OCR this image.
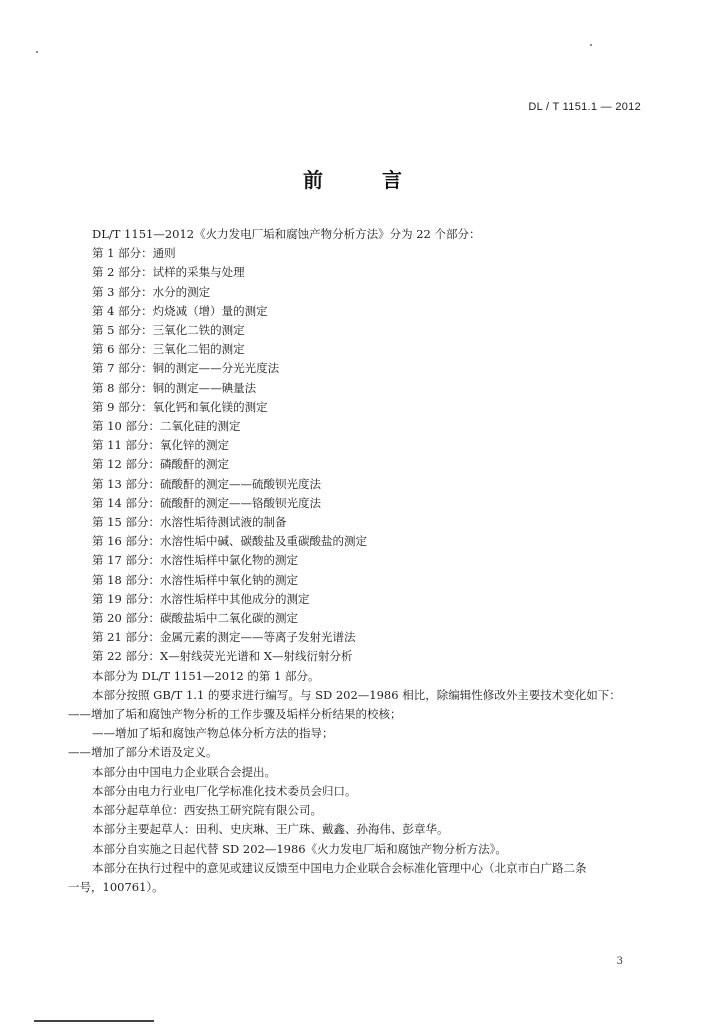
DL / T 1151.1 — 2012
前 言
DL/T 1151—2012《火力发电厂垢和腐蚀产物分析方法》分为 22 个部分：
第 1 部分：通则
第 2 部分：试样的采集与处理
第 3 部分：水分的测定
第 4 部分：灼烧减（增）量的测定
第 5 部分：三氧化二铁的测定
第 6 部分：三氧化二铝的测定
第 7 部分：铜的测定——分光光度法
第 8 部分：铜的测定——碘量法
第 9 部分：氧化钙和氧化镁的测定
第 10 部分：二氧化硅的测定
第 11 部分：氧化锌的测定
第 12 部分：磷酸酐的测定
第 13 部分：硫酸酐的测定——硫酸钡光度法
第 14 部分：硫酸酐的测定——铬酸钡光度法
第 15 部分：水溶性垢待测试液的制备
第 16 部分：水溶性垢中碱、碳酸盐及重碳酸盐的测定
第 17 部分：水溶性垢样中氯化物的测定
第 18 部分：水溶性垢样中氧化钠的测定
第 19 部分：水溶性垢样中其他成分的测定
第 20 部分：碳酸盐垢中二氧化碳的测定
第 21 部分：金属元素的测定——等离子发射光谱法
第 22 部分：X—射线荧光光谱和 X—射线衍射分析
本部分为 DL/T 1151—2012 的第 1 部分。
本部分按照 GB/T 1.1 的要求进行编写。与 SD 202—1986 相比，除编辑性修改外主要技术变化如下：
——增加了垢和腐蚀产物分析的工作步骤及垢样分析结果的校核；
——增加了垢和腐蚀产物总体分析方法的指导；
——增加了部分术语及定义。
本部分由中国电力企业联合会提出。
本部分由电力行业电厂化学标准化技术委员会归口。
本部分起草单位：西安热工研究院有限公司。
本部分主要起草人：田利、史庆琳、王广珠、戴鑫、孙海伟、彭章华。
本部分自实施之日起代替 SD 202—1986《火力发电厂垢和腐蚀产物分析方法》。
本部分在执行过程中的意见或建议反馈至中国电力企业联合会标准化管理中心（北京市白广路二条
一号，100761）。
3
